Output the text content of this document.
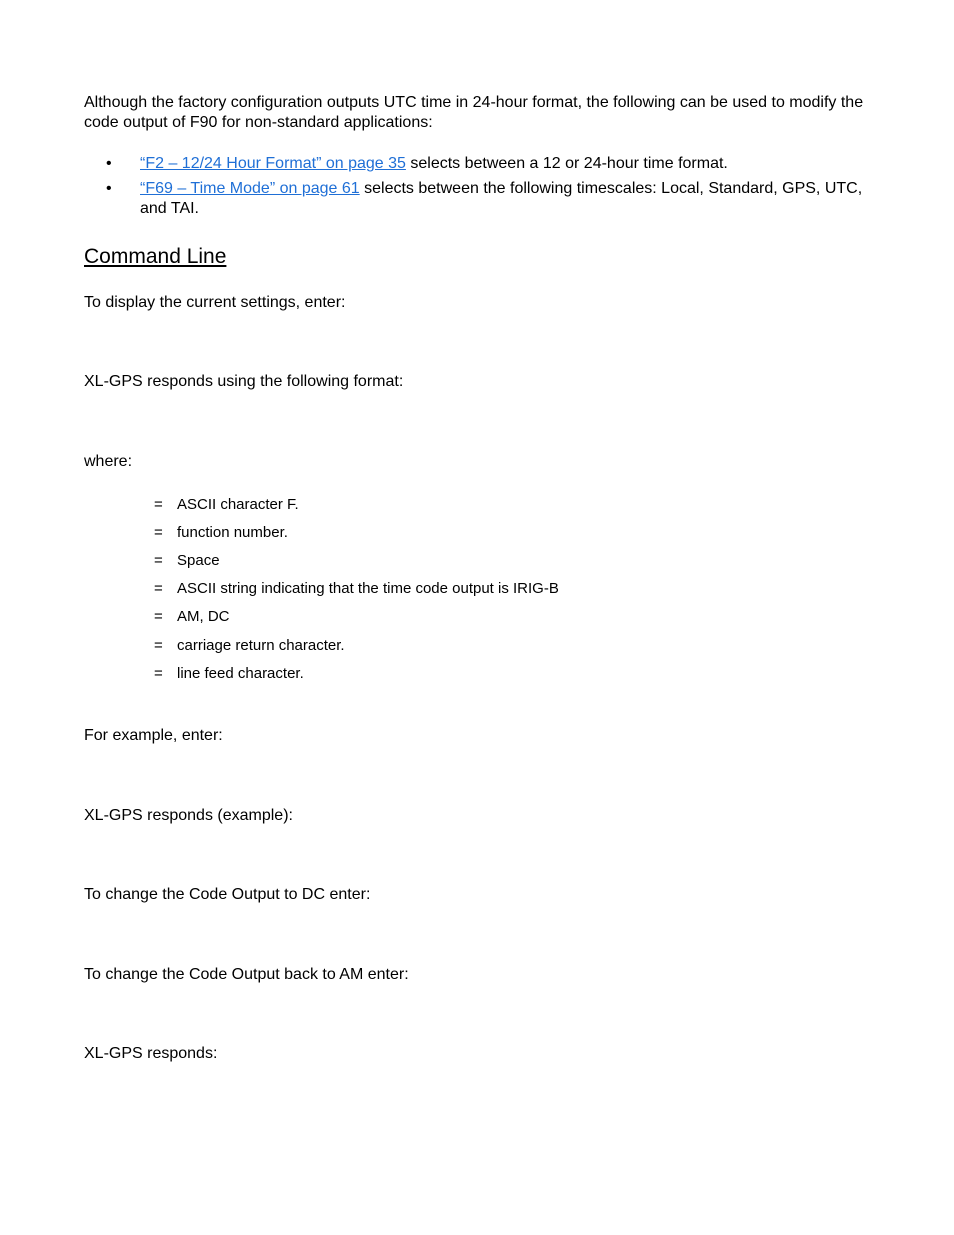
Although the factory configuration outputs UTC time in 24-hour format, the following can be used to modify the code output of F90 for non-standard applications:

• “F2 – 12/24 Hour Format” on page 35 selects between a 12 or 24-hour time format.
• “F69 – Time Mode” on page 61 selects between the following timescales: Local, Standard, GPS, UTC, and TAI.
Command Line

To display the current settings, enter:

XL-GPS responds using the following format:

where:

= ASCII character F.
= function number.
= Space
= ASCII string indicating that the time code output is IRIG-B
= AM, DC
= carriage return character.
= line feed character.

For example, enter:

XL-GPS responds (example):

To change the Code Output to DC enter:

To change the Code Output back to AM enter:

XL-GPS responds:
